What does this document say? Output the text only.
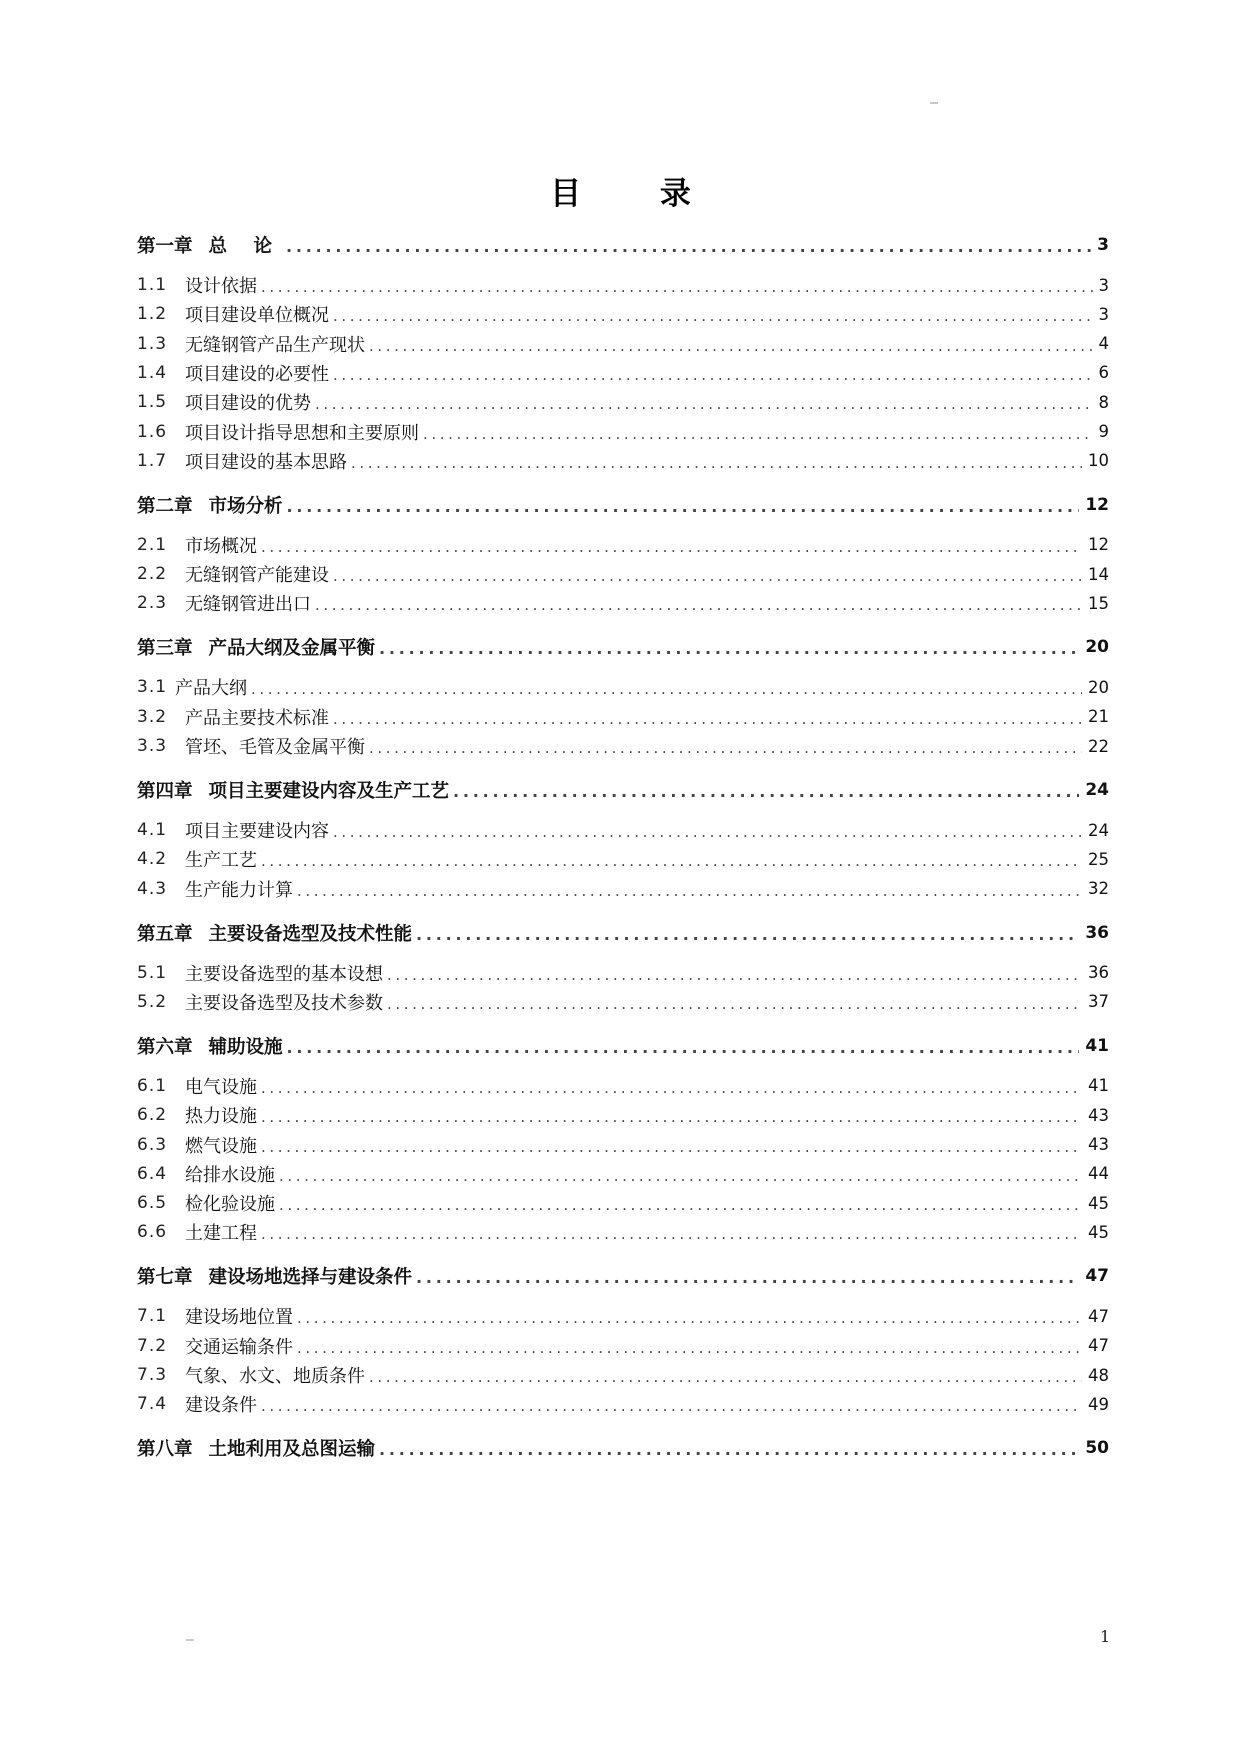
目 录
第一章 总 论 .....	3
1.1 设计依据 .....	3
1.2 项目建设单位概况 .....	3
1.3 无缝钢管产品生产现状 .....	4
1.4 项目建设的必要性 .....	6
1.5 项目建设的优势 .....	8
1.6 项目设计指导思想和主要原则 .....	9
1.7 项目建设的基本思路 .....	10
第二章 市场分析 .....	12
2.1 市场概况 .....	12
2.2 无缝钢管产能建设 .....	14
2.3 无缝钢管进出口 .....	15
第三章 产品大纲及金属平衡 .....	20
3.1 产品大纲 .....	20
3.2 产品主要技术标准 .....	21
3.3 管坯、毛管及金属平衡 .....	22
第四章 项目主要建设内容及生产工艺 .....	24
4.1 项目主要建设内容 .....	24
4.2 生产工艺 .....	25
4.3 生产能力计算 .....	32
第五章 主要设备选型及技术性能 .....	36
5.1 主要设备选型的基本设想 .....	36
5.2 主要设备选型及技术参数 .....	37
第六章 辅助设施 .....	41
6.1 电气设施 .....	41
6.2 热力设施 .....	43
6.3 燃气设施 .....	43
6.4 给排水设施 .....	44
6.5 检化验设施 .....	45
6.6 土建工程 .....	45
第七章 建设场地选择与建设条件 .....	47
7.1 建设场地位置 .....	47
7.2 交通运输条件 .....	47
7.3 气象、水文、地质条件 .....	48
7.4 建设条件 .....	49
第八章 土地利用及总图运输 .....	50
1
